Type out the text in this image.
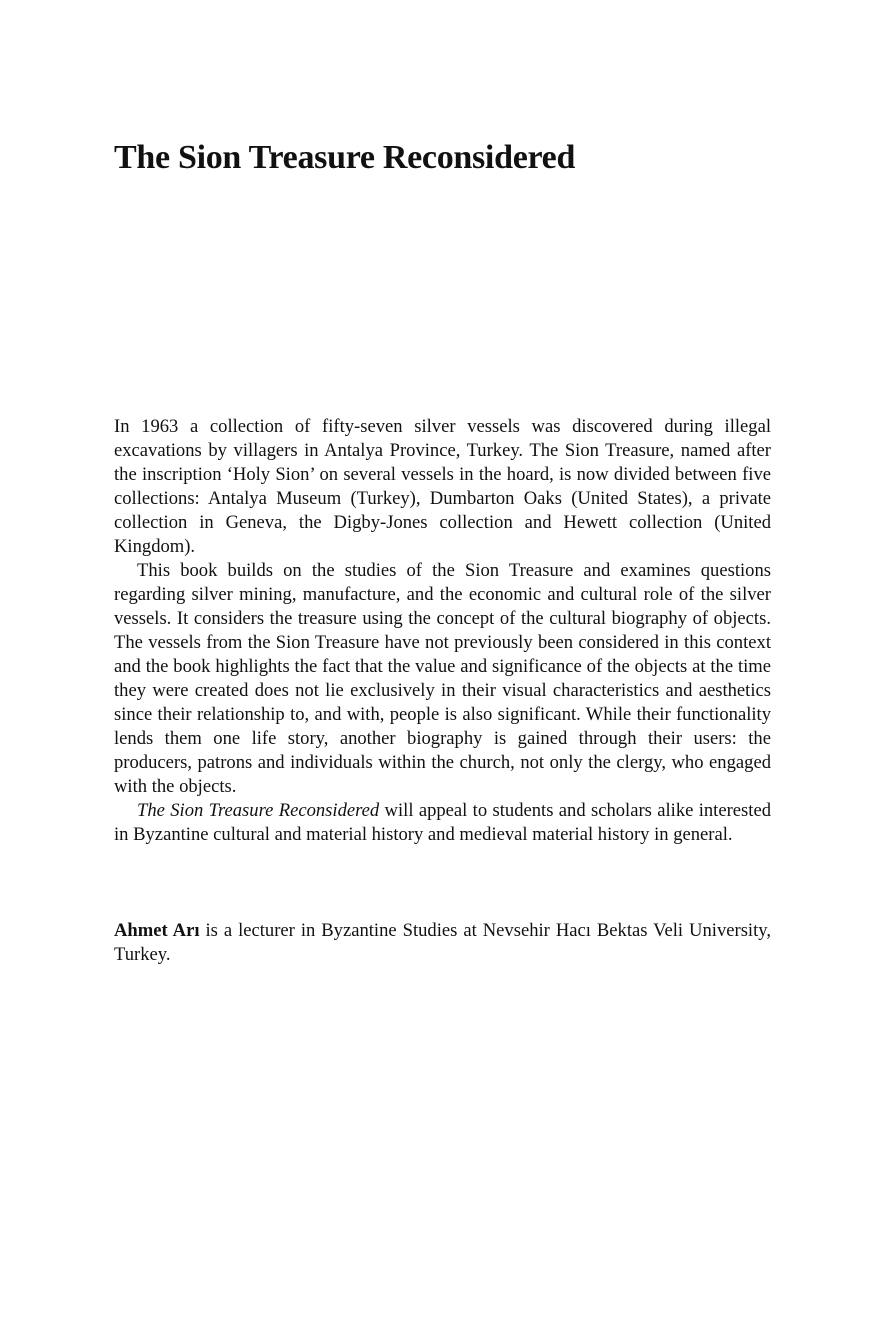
The Sion Treasure Reconsidered

In 1963 a collection of fifty-seven silver vessels was discovered during illegal excavations by villagers in Antalya Province, Turkey. The Sion Treasure, named after the inscription ‘Holy Sion’ on several vessels in the hoard, is now divided between five collections: Antalya Museum (Turkey), Dumbarton Oaks (United States), a private collection in Geneva, the Digby-Jones collection and Hewett collection (United Kingdom).

This book builds on the studies of the Sion Treasure and examines questions regarding silver mining, manufacture, and the economic and cultural role of the silver vessels. It considers the treasure using the concept of the cultural biography of objects. The vessels from the Sion Treasure have not previously been considered in this context and the book highlights the fact that the value and significance of the objects at the time they were created does not lie exclusively in their visual characteristics and aesthetics since their relationship to, and with, people is also significant. While their functionality lends them one life story, another biography is gained through their users: the producers, patrons and individuals within the church, not only the clergy, who engaged with the objects.

The Sion Treasure Reconsidered will appeal to students and scholars alike interested in Byzantine cultural and material history and medieval material history in general.

Ahmet Arı is a lecturer in Byzantine Studies at Nevsehir Hacı Bektas Veli University, Turkey.
